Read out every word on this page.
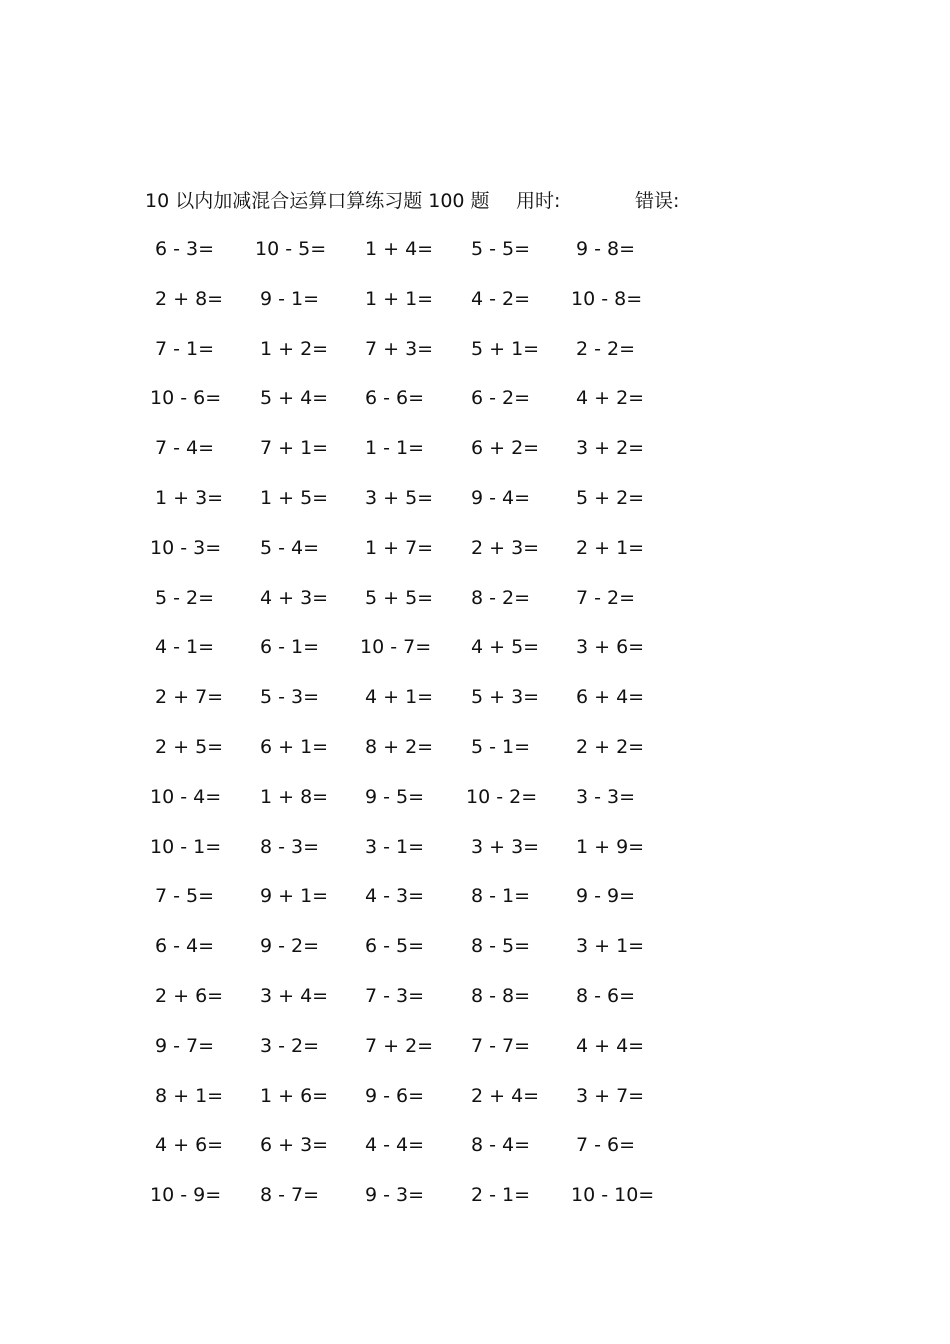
10 以内加减混合运算口算练习题 100 题 用时:	错误:
6 - 3= 10 - 5= 1 + 4= 5 - 5= 9 - 8=
2 + 8= 9 - 1= 1 + 1= 4 - 2= 10 - 8=
7 - 1= 1 + 2= 7 + 3= 5 + 1= 2 - 2=
10 - 6= 5 + 4= 6 - 6= 6 - 2= 4 + 2=
7 - 4= 7 + 1= 1 - 1= 6 + 2= 3 + 2=
1 + 3= 1 + 5= 3 + 5= 9 - 4= 5 + 2=
10 - 3= 5 - 4= 1 + 7= 2 + 3= 2 + 1=
5 - 2= 4 + 3= 5 + 5= 8 - 2= 7 - 2=
4 - 1= 6 - 1= 10 - 7= 4 + 5= 3 + 6=
2 + 7= 5 - 3= 4 + 1= 5 + 3= 6 + 4=
2 + 5= 6 + 1= 8 + 2= 5 - 1= 2 + 2=
10 - 4= 1 + 8= 9 - 5= 10 - 2= 3 - 3=
10 - 1= 8 - 3= 3 - 1= 3 + 3= 1 + 9=
7 - 5= 9 + 1= 4 - 3= 8 - 1= 9 - 9=
6 - 4= 9 - 2= 6 - 5= 8 - 5= 3 + 1=
2 + 6= 3 + 4= 7 - 3= 8 - 8= 8 - 6=
9 - 7= 3 - 2= 7 + 2= 7 - 7= 4 + 4=
8 + 1= 1 + 6= 9 - 6= 2 + 4= 3 + 7=
4 + 6= 6 + 3= 4 - 4= 8 - 4= 7 - 6=
10 - 9= 8 - 7= 9 - 3= 2 - 1= 10 - 10=
